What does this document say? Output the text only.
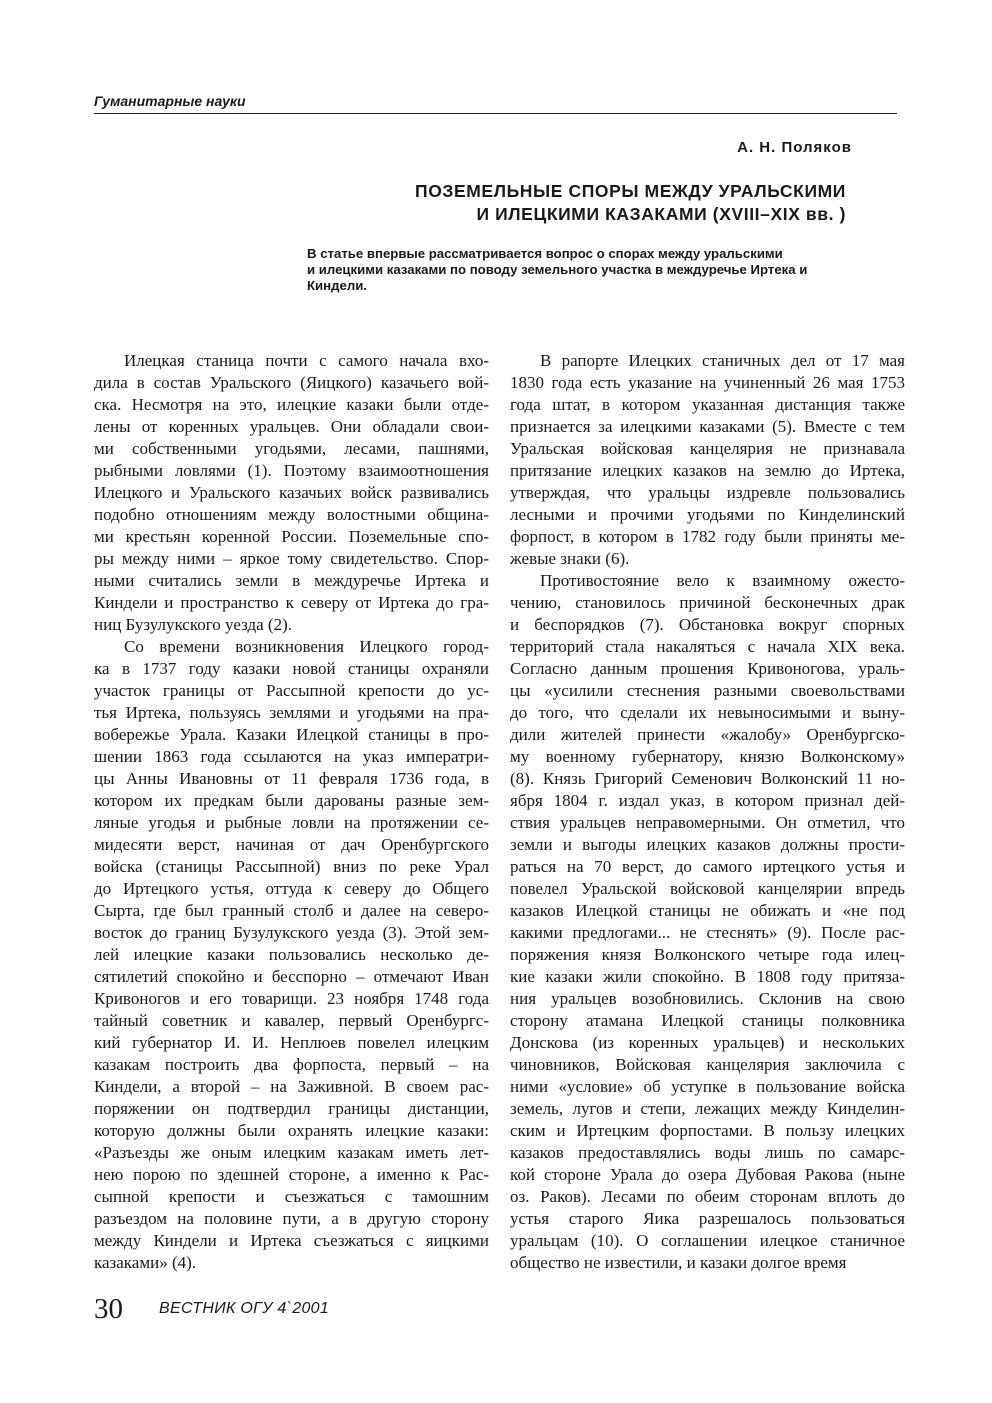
Гуманитарные науки
А. Н. Поляков
ПОЗЕМЕЛЬНЫЕ СПОРЫ МЕЖДУ УРАЛЬСКИМИ
И ИЛЕЦКИМИ КАЗАКАМИ (XVIII–XIX вв. )
В статье впервые рассматривается вопрос о спорах между уральскими
и илецкими казаками по поводу земельного участка в междуречье Иртека и
Киндели.
Илецкая станица почти с самого начала вхо-
дила в состав Уральского (Яицкого) казачьего вой-
ска. Несмотря на это, илецкие казаки были отде-
лены от коренных уральцев. Они обладали свои-
ми собственными угодьями, лесами, пашнями,
рыбными ловлями (1). Поэтому взаимоотношения
Илецкого и Уральского казачьих войск развивались
подобно отношениям между волостными община-
ми крестьян коренной России. Поземельные спо-
ры между ними – яркое тому свидетельство. Спор-
ными считались земли в междуречье Иртека и
Киндели и пространство к северу от Иртека до гра-
ниц Бузулукского уезда (2).
Со времени возникновения Илецкого город-
ка в 1737 году казаки новой станицы охраняли
участок границы от Рассыпной крепости до ус-
тья Иртека, пользуясь землями и угодьями на пра-
вобережье Урала. Казаки Илецкой станицы в про-
шении 1863 года ссылаются на указ императри-
цы Анны Ивановны от 11 февраля 1736 года, в
котором их предкам были дарованы разные зем-
ляные угодья и рыбные ловли на протяжении се-
мидесяти верст, начиная от дач Оренбургского
войска (станицы Рассыпной) вниз по реке Урал
до Иртецкого устья, оттуда к северу до Общего
Сырта, где был гранный столб и далее на северо-
восток до границ Бузулукского уезда (3). Этой зем-
лей илецкие казаки пользовались несколько де-
сятилетий спокойно и бесспорно – отмечают Иван
Кривоногов и его товарищи. 23 ноября 1748 года
тайный советник и кавалер, первый Оренбургс-
кий губернатор И. И. Неплюев повелел илецким
казакам построить два форпоста, первый – на
Киндели, а второй – на Заживной. В своем рас-
поряжении он подтвердил границы дистанции,
которую должны были охранять илецкие казаки:
«Разъезды же оным илецким казакам иметь лет-
нею порою по здешней стороне, а именно к Рас-
сыпной крепости и съезжаться с тамошним
разъездом на половине пути, а в другую сторону
между Киндели и Иртека съезжаться с яицкими
казаками» (4).
В рапорте Илецких станичных дел от 17 мая
1830 года есть указание на учиненный 26 мая 1753
года штат, в котором указанная дистанция также
признается за илецкими казаками (5). Вместе с тем
Уральская войсковая канцелярия не признавала
притязание илецких казаков на землю до Иртека,
утверждая, что уральцы издревле пользовались
лесными и прочими угодьями по Кинделинский
форпост, в котором в 1782 году были приняты ме-
жевые знаки (6).
Противостояние вело к взаимному ожесто-
чению, становилось причиной бесконечных драк
и беспорядков (7). Обстановка вокруг спорных
территорий стала накаляться с начала XIX века.
Согласно данным прошения Кривоногова, ураль-
цы «усилили стеснения разными своевольствами
до того, что сделали их невыносимыми и выну-
дили жителей принести «жалобу» Оренбургско-
му военному губернатору, князю Волконскому»
(8). Князь Григорий Семенович Волконский 11 но-
ября 1804 г. издал указ, в котором признал дей-
ствия уральцев неправомерными. Он отметил, что
земли и выгоды илецких казаков должны прости-
раться на 70 верст, до самого иртецкого устья и
повелел Уральской войсковой канцелярии впредь
казаков Илецкой станицы не обижать и «не под
какими предлогами... не стеснять» (9). После рас-
поряжения князя Волконского четыре года илец-
кие казаки жили спокойно. В 1808 году притяза-
ния уральцев возобновились. Склонив на свою
сторону атамана Илецкой станицы полковника
Донскова (из коренных уральцев) и нескольких
чиновников, Войсковая канцелярия заключила с
ними «условие» об уступке в пользование войска
земель, лугов и степи, лежащих между Кинделин-
ским и Иртецким форпостами. В пользу илецких
казаков предоставлялись воды лишь по самарс-
кой стороне Урала до озера Дубовая Ракова (ныне
оз. Раков). Лесами по обеим сторонам вплоть до
устья старого Яика разрешалось пользоваться
уральцам (10). О соглашении илецкое станичное
общество не известили, и казаки долгое время
30 ВЕСТНИК ОГУ 4`2001
